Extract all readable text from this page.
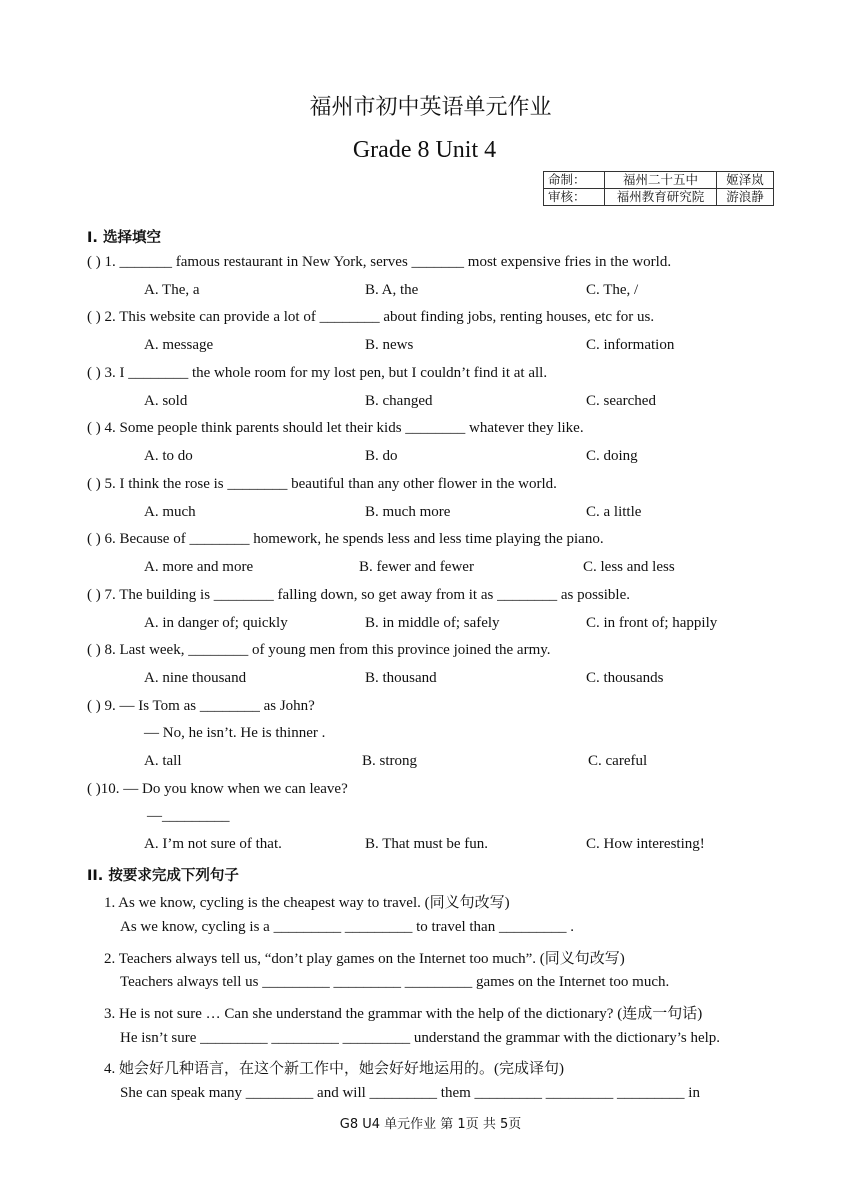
福州市初中英语单元作业
Grade 8 Unit 4
命制：	福州二十五中	姬泽岚
审核：	福州教育研究院	游浪静
I. 选择填空
( ) 1. _______ famous restaurant in New York, serves _______ most expensive fries in the world.
A. The, a	B. A, the	C. The, /
( ) 2. This website can provide a lot of ________ about finding jobs, renting houses, etc for us.
A. message	B. news	C. information
( ) 3. I ________ the whole room for my lost pen, but I couldn’t find it at all.
A. sold	B. changed	C. searched
( ) 4. Some people think parents should let their kids ________ whatever they like.
A. to do	B. do	C. doing
( ) 5. I think the rose is ________ beautiful than any other flower in the world.
A. much	B. much more	C. a little
( ) 6. Because of ________ homework, he spends less and less time playing the piano.
A. more and more	B. fewer and fewer	C. less and less
( ) 7. The building is ________ falling down, so get away from it as ________ as possible.
A. in danger of; quickly	B. in middle of; safely	C. in front of; happily
( ) 8. Last week, ________ of young men from this province joined the army.
A. nine thousand	B. thousand	C. thousands
( ) 9. — Is Tom as ________ as John?
— No, he isn’t. He is thinner .
A. tall	B. strong	C. careful
( )10. — Do you know when we can leave?
—_________
A. I’m not sure of that.	B. That must be fun.	C. How interesting!
II. 按要求完成下列句子
1. As we know, cycling is the cheapest way to travel. (同义句改写)
As we know, cycling is a _________ _________ to travel than _________ .
2. Teachers always tell us, “don’t play games on the Internet too much”. (同义句改写)
Teachers always tell us _________ _________ _________ games on the Internet too much.
3. He is not sure … Can she understand the grammar with the help of the dictionary? (连成一句话)
He isn’t sure _________ _________ _________ understand the grammar with the dictionary’s help.
4. 她会好几种语言，在这个新工作中，她会好好地运用的。(完成译句)
She can speak many _________ and will _________ them _________ _________ _________ in
G8 U4 单元作业 第 1页 共 5页
